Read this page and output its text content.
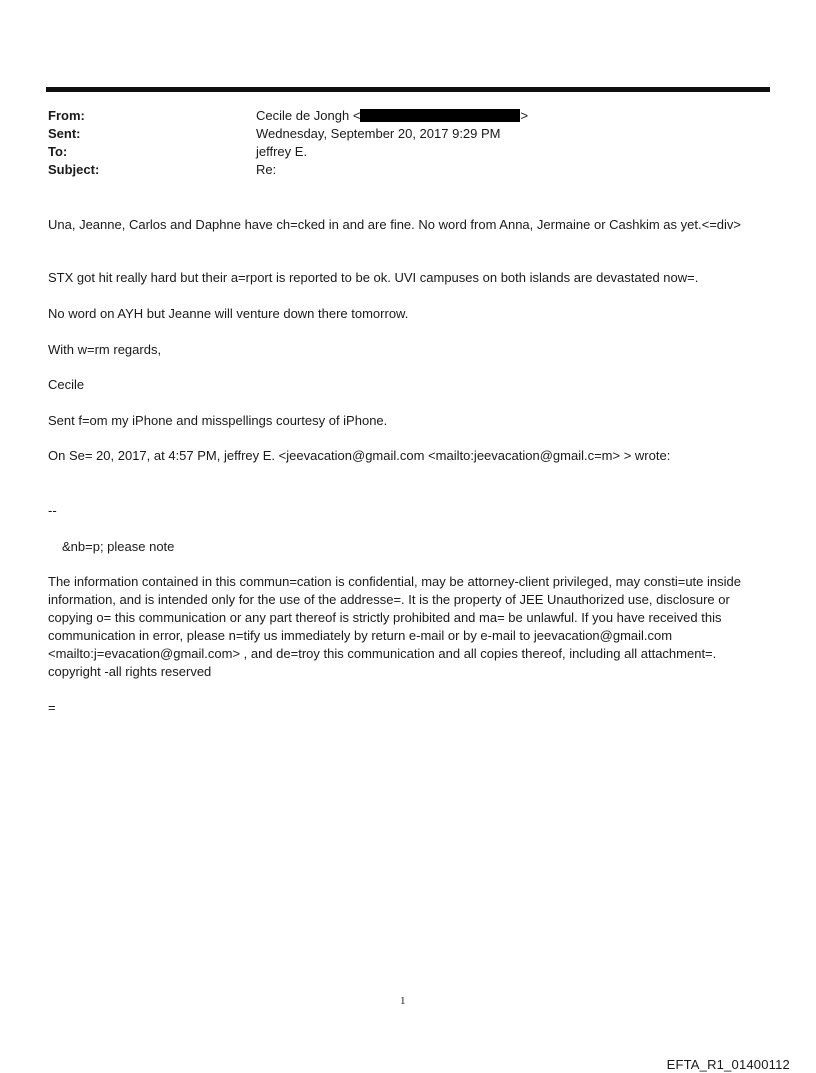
From:	Cecile de Jongh <	>
Sent:	Wednesday, September 20, 2017 9:29 PM
To:	jeffrey E.
Subject:	Re:
Una, Jeanne, Carlos and Daphne have ch=cked in and are fine. No word from Anna, Jermaine or Cashkim as yet.<=div>
STX got hit really hard but their a=rport is reported to be ok. UVI campuses on both islands are devastated now=.
No word on AYH but Jeanne will venture down there tomorrow.
With w=rm regards,
Cecile
Sent f=om my iPhone and misspellings courtesy of iPhone.
On Se= 20, 2017, at 4:57 PM, jeffrey E. <jeevacation@gmail.com <mailto:jeevacation@gmail.c=m> > wrote:
--
&nb=p; please note
The information contained in this commun=cation is confidential, may be attorney-client privileged, may consti=ute inside information, and is intended only for the use of the addresse=. It is the property of JEE Unauthorized use, disclosure or copying o= this communication or any part thereof is strictly prohibited and ma= be unlawful. If you have received this communication in error, please n=tify us immediately by return e-mail or by e-mail to jeevacation@gmail.com <mailto:j=evacation@gmail.com> , and de=troy this communication and all copies thereof, including all attachment=. copyright -all rights reserved
=
1
EFTA_R1_01400112
